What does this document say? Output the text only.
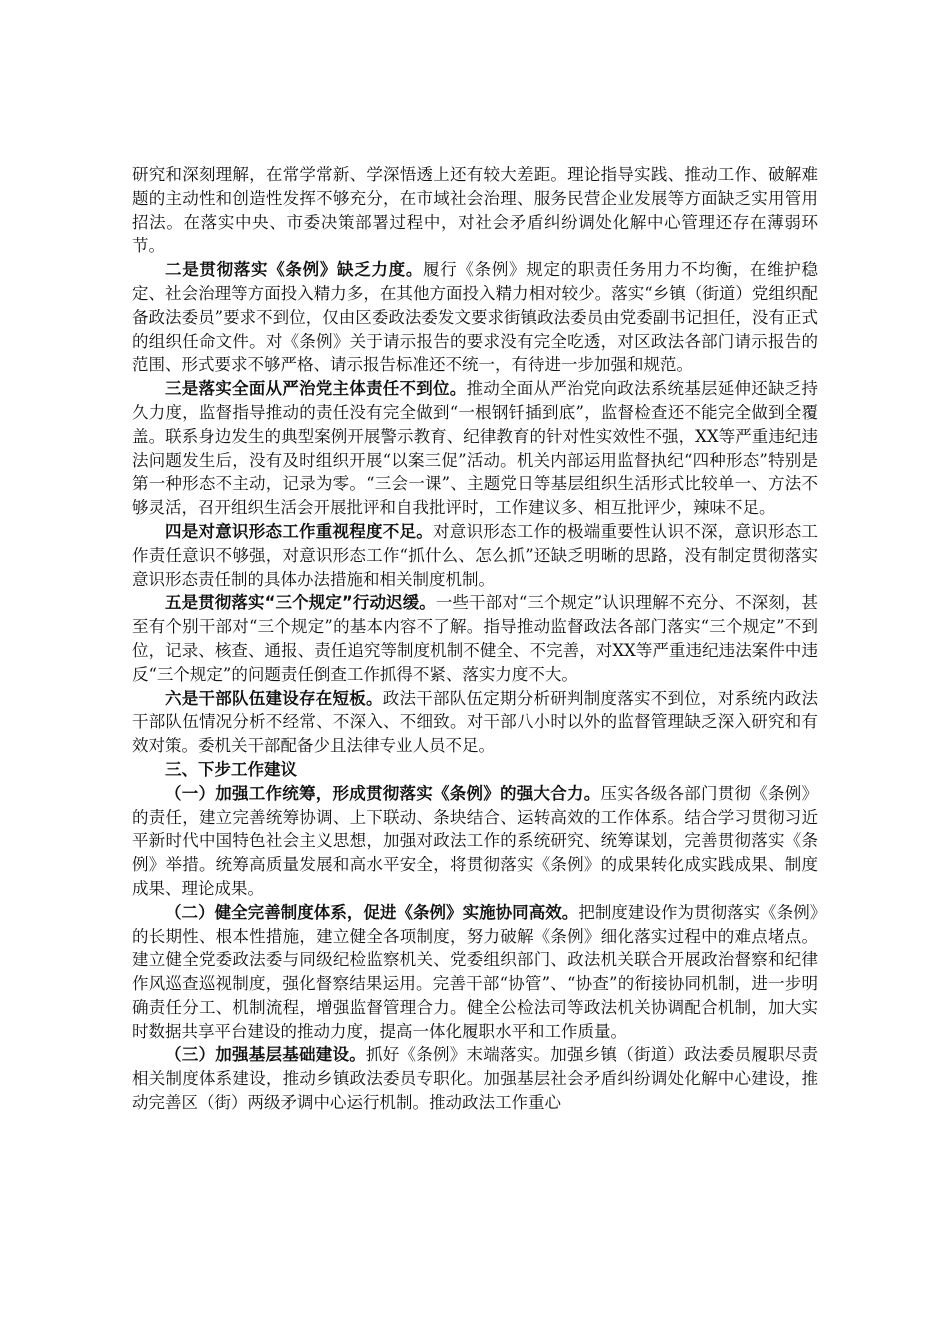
研究和深刻理解，在常学常新、学深悟透上还有较大差距。理论指导实践、推动工作、破解难题的主动性和创造性发挥不够充分，在市域社会治理、服务民营企业发展等方面缺乏实用管用招法。在落实中央、市委决策部署过程中，对社会矛盾纠纷调处化解中心管理还存在薄弱环节。

二是贯彻落实《条例》缺乏力度。履行《条例》规定的职责任务用力不均衡，在维护稳定、社会治理等方面投入精力多，在其他方面投入精力相对较少。落实“乡镇（街道）党组织配备政法委员”要求不到位，仅由区委政法委发文要求街镇政法委员由党委副书记担任，没有正式的组织任命文件。对《条例》关于请示报告的要求没有完全吃透，对区政法各部门请示报告的范围、形式要求不够严格、请示报告标准还不统一，有待进一步加强和规范。

三是落实全面从严治党主体责任不到位。推动全面从严治党向政法系统基层延伸还缺乏持久力度，监督指导推动的责任没有完全做到“一根钢钎插到底”，监督检查还不能完全做到全覆盖。联系身边发生的典型案例开展警示教育、纪律教育的针对性实效性不强，XX等严重违纪违法问题发生后，没有及时组织开展“以案三促”活动。机关内部运用监督执纪“四种形态”特别是第一种形态不主动，记录为零。“三会一课”、主题党日等基层组织生活形式比较单一、方法不够灵活，召开组织生活会开展批评和自我批评时，工作建议多、相互批评少，辣味不足。

四是对意识形态工作重视程度不足。对意识形态工作的极端重要性认识不深，意识形态工作责任意识不够强，对意识形态工作“抓什么、怎么抓”还缺乏明晰的思路，没有制定贯彻落实意识形态责任制的具体办法措施和相关制度机制。

五是贯彻落实“三个规定”行动迟缓。一些干部对“三个规定”认识理解不充分、不深刻，甚至有个别干部对“三个规定”的基本内容不了解。指导推动监督政法各部门落实“三个规定”不到位，记录、核查、通报、责任追究等制度机制不健全、不完善，对XX等严重违纪违法案件中违反“三个规定”的问题责任倒查工作抓得不紧、落实力度不大。

六是干部队伍建设存在短板。政法干部队伍定期分析研判制度落实不到位，对系统内政法干部队伍情况分析不经常、不深入、不细致。对干部八小时以外的监督管理缺乏深入研究和有效对策。委机关干部配备少且法律专业人员不足。

三、下步工作建议

（一）加强工作统筹，形成贯彻落实《条例》的强大合力。压实各级各部门贯彻《条例》的责任，建立完善统筹协调、上下联动、条块结合、运转高效的工作体系。结合学习贯彻习近平新时代中国特色社会主义思想，加强对政法工作的系统研究、统筹谋划，完善贯彻落实《条例》举措。统筹高质量发展和高水平安全，将贯彻落实《条例》的成果转化成实践成果、制度成果、理论成果。

（二）健全完善制度体系，促进《条例》实施协同高效。把制度建设作为贯彻落实《条例》的长期性、根本性措施，建立健全各项制度，努力破解《条例》细化落实过程中的难点堵点。建立健全党委政法委与同级纪检监察机关、党委组织部门、政法机关联合开展政治督察和纪律作风巡查巡视制度，强化督察结果运用。完善干部“协管”、“协查”的衔接协同机制，进一步明确责任分工、机制流程，增强监督管理合力。健全公检法司等政法机关协调配合机制，加大实时数据共享平台建设的推动力度，提高一体化履职水平和工作质量。

（三）加强基层基础建设。抓好《条例》末端落实。加强乡镇（街道）政法委员履职尽责相关制度体系建设，推动乡镇政法委员专职化。加强基层社会矛盾纠纷调处化解中心建设，推动完善区（街）两级矛调中心运行机制。推动政法工作重心
